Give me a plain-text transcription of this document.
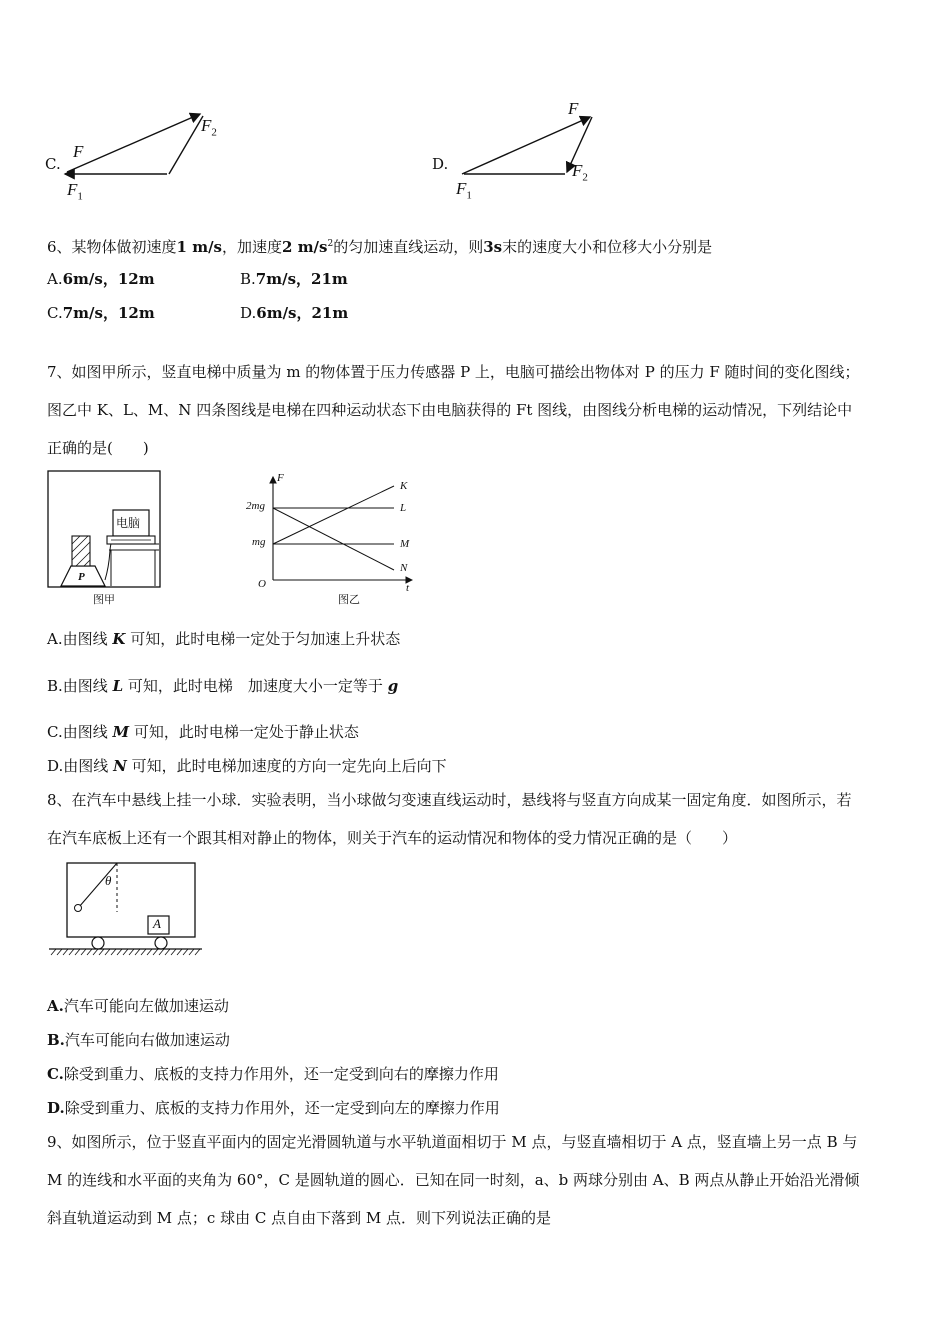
C.
F
$F_1$
$F_2$
D.
F
$F_1$
$F_2$
6、某物体做初速度1 m/s，加速度2 $m/s^2$的匀加速直线运动，则3s末的速度大小和位移大小分别是
A.6m/s，12m	B.7m/s，21m
C.7m/s，12m	D.6m/s，21m
7、如图甲所示，竖直电梯中质量为 m 的物体置于压力传感器 P 上，电脑可描绘出物体对 P 的压力 F 随时间的变化图线；
图乙中 K、L、M、N 四条图线是电梯在四种运动状态下由电脑获得的 Ft 图线，由图线分析电梯的运动情况，下列结论中
正确的是(　　)
电脑
P
图甲
F
t
O
2mg
mg
K
L
M
N
图乙
A.由图线 K 可知，此时电梯一定处于匀加速上升状态
B.由图线 L 可知，此时电梯　加速度大小一定等于 g
C.由图线 M 可知，此时电梯一定处于静止状态
D.由图线 N 可知，此时电梯加速度的方向一定先向上后向下
8、在汽车中悬线上挂一小球．实验表明，当小球做匀变速直线运动时，悬线将与竖直方向成某一固定角度．如图所示，若
在汽车底板上还有一个跟其相对静止的物体，则关于汽车的运动情况和物体的受力情况正确的是（　　）
θ
A
A.汽车可能向左做加速运动
B.汽车可能向右做加速运动
C.除受到重力、底板的支持力作用外，还一定受到向右的摩擦力作用
D.除受到重力、底板的支持力作用外，还一定受到向左的摩擦力作用
9、如图所示，位于竖直平面内的固定光滑圆轨道与水平轨道面相切于 M 点，与竖直墙相切于 A 点，竖直墙上另一点 B 与
M 的连线和水平面的夹角为 60°，C 是圆轨道的圆心．已知在同一时刻，a、b 两球分别由 A、B 两点从静止开始沿光滑倾
斜直轨道运动到 M 点；c 球由 C 点自由下落到 M 点．则下列说法正确的是
